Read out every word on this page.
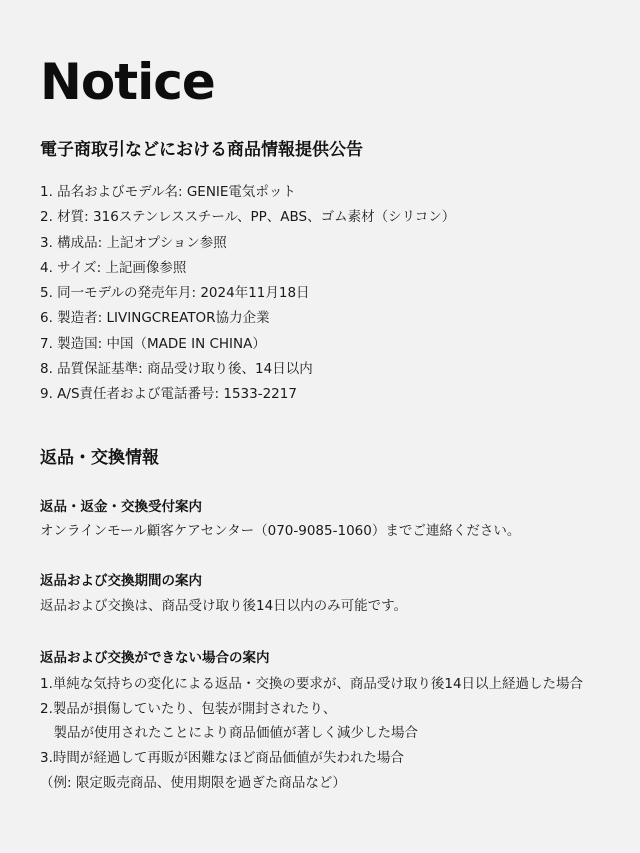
Notice
電子商取引などにおける商品情報提供公告
1. 品名およびモデル名: GENIE電気ポット
2. 材質: 316ステンレススチール、PP、ABS、ゴム素材（シリコン）
3. 構成品: 上記オプション参照
4. サイズ: 上記画像参照
5. 同一モデルの発売年月: 2024年11月18日
6. 製造者: LIVINGCREATOR協力企業
7. 製造国: 中国（MADE IN CHINA）
8. 品質保証基準: 商品受け取り後、14日以内
9. A/S責任者および電話番号: 1533-2217
返品・交換情報
返品・返金・交換受付案内
オンラインモール顧客ケアセンター（070-9085-1060）までご連絡ください。
返品および交換期間の案内
返品および交換は、商品受け取り後14日以内のみ可能です。
返品および交換ができない場合の案内
1.単純な気持ちの変化による返品・交換の要求が、商品受け取り後14日以上経過した場合
2.製品が損傷していたり、包装が開封されたり、
　製品が使用されたことにより商品価値が著しく減少した場合
3.時間が経過して再販が困難なほど商品価値が失われた場合
（例: 限定販売商品、使用期限を過ぎた商品など）
